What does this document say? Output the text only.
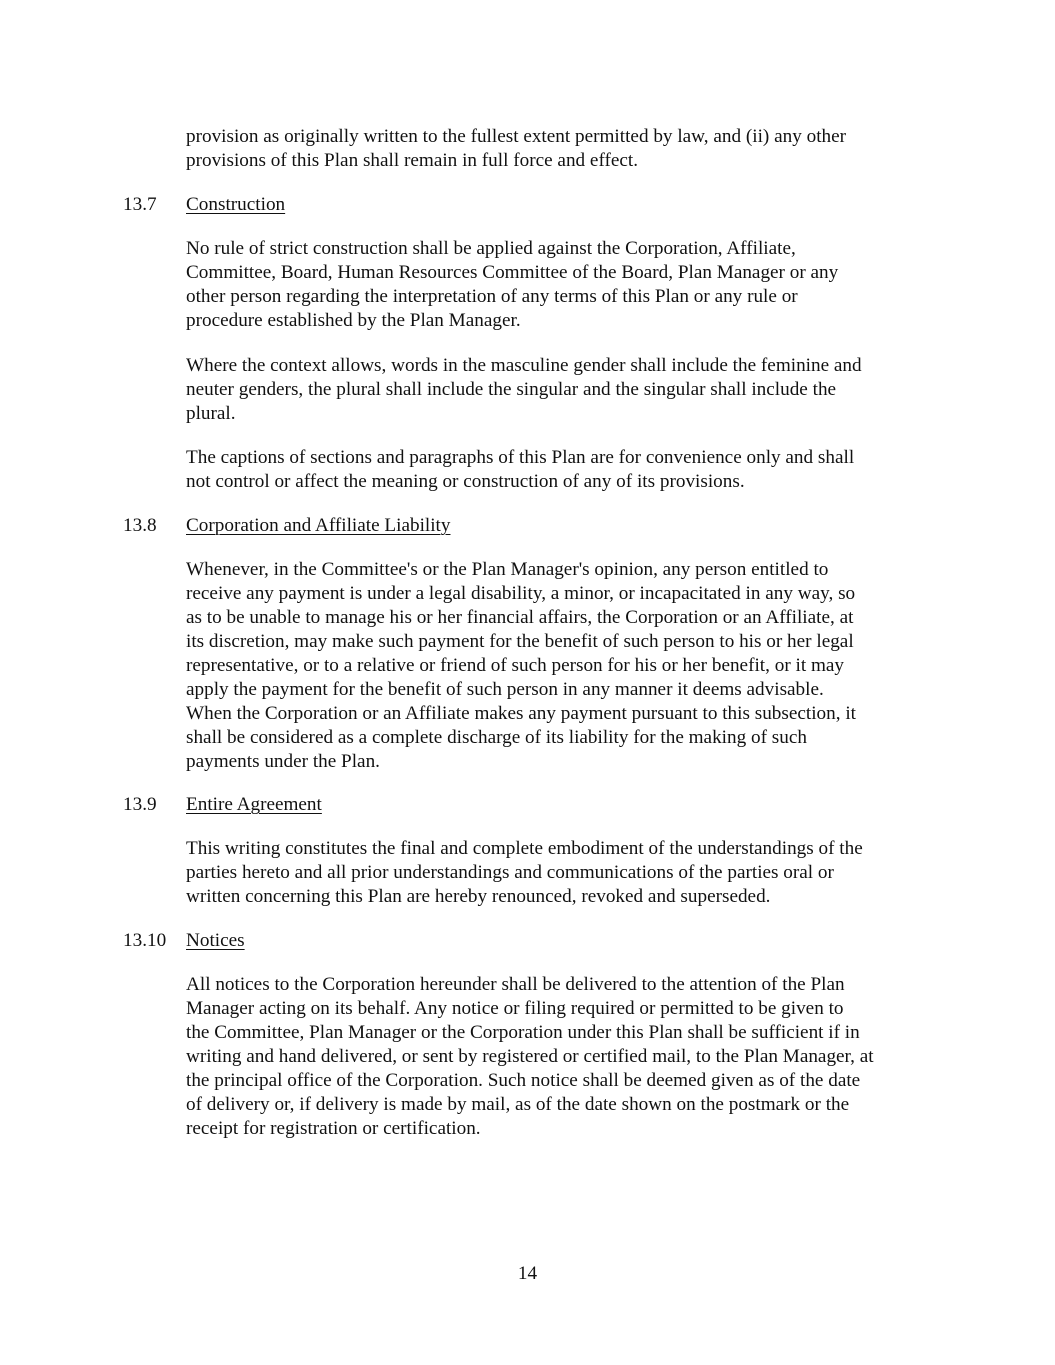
provision as originally written to the fullest extent permitted by law, and (ii) any other
provisions of this Plan shall remain in full force and effect.

13.7 Construction

No rule of strict construction shall be applied against the Corporation, Affiliate,
Committee, Board, Human Resources Committee of the Board, Plan Manager or any
other person regarding the interpretation of any terms of this Plan or any rule or
procedure established by the Plan Manager.

Where the context allows, words in the masculine gender shall include the feminine and
neuter genders, the plural shall include the singular and the singular shall include the
plural.

The captions of sections and paragraphs of this Plan are for convenience only and shall
not control or affect the meaning or construction of any of its provisions.

13.8 Corporation and Affiliate Liability

Whenever, in the Committee's or the Plan Manager's opinion, any person entitled to
receive any payment is under a legal disability, a minor, or incapacitated in any way, so
as to be unable to manage his or her financial affairs, the Corporation or an Affiliate, at
its discretion, may make such payment for the benefit of such person to his or her legal
representative, or to a relative or friend of such person for his or her benefit, or it may
apply the payment for the benefit of such person in any manner it deems advisable.
When the Corporation or an Affiliate makes any payment pursuant to this subsection, it
shall be considered as a complete discharge of its liability for the making of such
payments under the Plan.

13.9 Entire Agreement

This writing constitutes the final and complete embodiment of the understandings of the
parties hereto and all prior understandings and communications of the parties oral or
written concerning this Plan are hereby renounced, revoked and superseded.

13.10 Notices

All notices to the Corporation hereunder shall be delivered to the attention of the Plan
Manager acting on its behalf. Any notice or filing required or permitted to be given to
the Committee, Plan Manager or the Corporation under this Plan shall be sufficient if in
writing and hand delivered, or sent by registered or certified mail, to the Plan Manager, at
the principal office of the Corporation. Such notice shall be deemed given as of the date
of delivery or, if delivery is made by mail, as of the date shown on the postmark or the
receipt for registration or certification.

14
